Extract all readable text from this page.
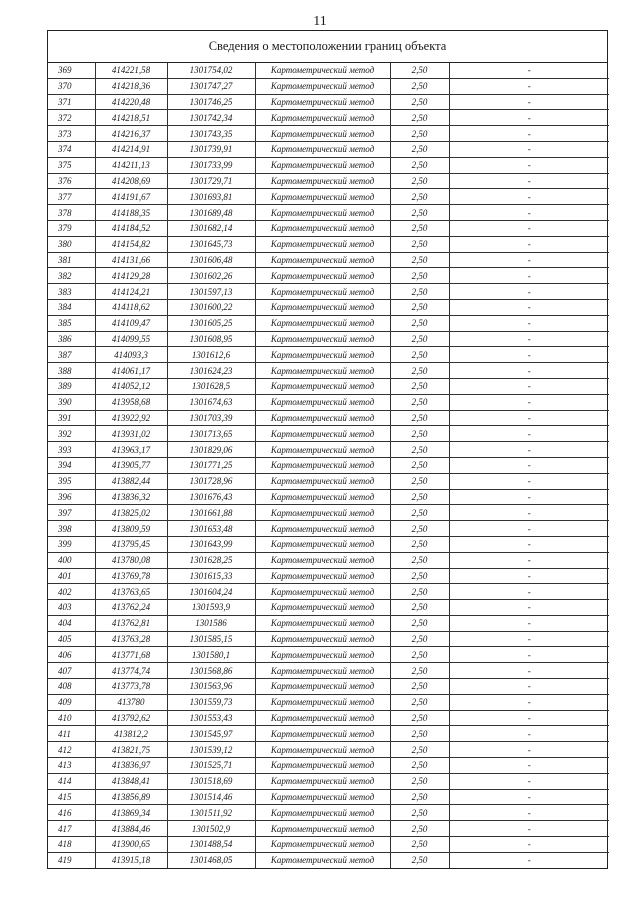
11
Сведения о местоположении границ объекта
369	414221,58	1301754,02	Картометрический метод	2,50	-
370	414218,36	1301747,27	Картометрический метод	2,50	-
371	414220,48	1301746,25	Картометрический метод	2,50	-
372	414218,51	1301742,34	Картометрический метод	2,50	-
373	414216,37	1301743,35	Картометрический метод	2,50	-
374	414214,91	1301739,91	Картометрический метод	2,50	-
375	414211,13	1301733,99	Картометрический метод	2,50	-
376	414208,69	1301729,71	Картометрический метод	2,50	-
377	414191,67	1301693,81	Картометрический метод	2,50	-
378	414188,35	1301689,48	Картометрический метод	2,50	-
379	414184,52	1301682,14	Картометрический метод	2,50	-
380	414154,82	1301645,73	Картометрический метод	2,50	-
381	414131,66	1301606,48	Картометрический метод	2,50	-
382	414129,28	1301602,26	Картометрический метод	2,50	-
383	414124,21	1301597,13	Картометрический метод	2,50	-
384	414118,62	1301600,22	Картометрический метод	2,50	-
385	414109,47	1301605,25	Картометрический метод	2,50	-
386	414099,55	1301608,95	Картометрический метод	2,50	-
387	414093,3	1301612,6	Картометрический метод	2,50	-
388	414061,17	1301624,23	Картометрический метод	2,50	-
389	414052,12	1301628,5	Картометрический метод	2,50	-
390	413958,68	1301674,63	Картометрический метод	2,50	-
391	413922,92	1301703,39	Картометрический метод	2,50	-
392	413931,02	1301713,65	Картометрический метод	2,50	-
393	413963,17	1301829,06	Картометрический метод	2,50	-
394	413905,77	1301771,25	Картометрический метод	2,50	-
395	413882,44	1301728,96	Картометрический метод	2,50	-
396	413836,32	1301676,43	Картометрический метод	2,50	-
397	413825,02	1301661,88	Картометрический метод	2,50	-
398	413809,59	1301653,48	Картометрический метод	2,50	-
399	413795,45	1301643,99	Картометрический метод	2,50	-
400	413780,08	1301628,25	Картометрический метод	2,50	-
401	413769,78	1301615,33	Картометрический метод	2,50	-
402	413763,65	1301604,24	Картометрический метод	2,50	-
403	413762,24	1301593,9	Картометрический метод	2,50	-
404	413762,81	1301586	Картометрический метод	2,50	-
405	413763,28	1301585,15	Картометрический метод	2,50	-
406	413771,68	1301580,1	Картометрический метод	2,50	-
407	413774,74	1301568,86	Картометрический метод	2,50	-
408	413773,78	1301563,96	Картометрический метод	2,50	-
409	413780	1301559,73	Картометрический метод	2,50	-
410	413792,62	1301553,43	Картометрический метод	2,50	-
411	413812,2	1301545,97	Картометрический метод	2,50	-
412	413821,75	1301539,12	Картометрический метод	2,50	-
413	413836,97	1301525,71	Картометрический метод	2,50	-
414	413848,41	1301518,69	Картометрический метод	2,50	-
415	413856,89	1301514,46	Картометрический метод	2,50	-
416	413869,34	1301511,92	Картометрический метод	2,50	-
417	413884,46	1301502,9	Картометрический метод	2,50	-
418	413900,65	1301488,54	Картометрический метод	2,50	-
419	413915,18	1301468,05	Картометрический метод	2,50	-
